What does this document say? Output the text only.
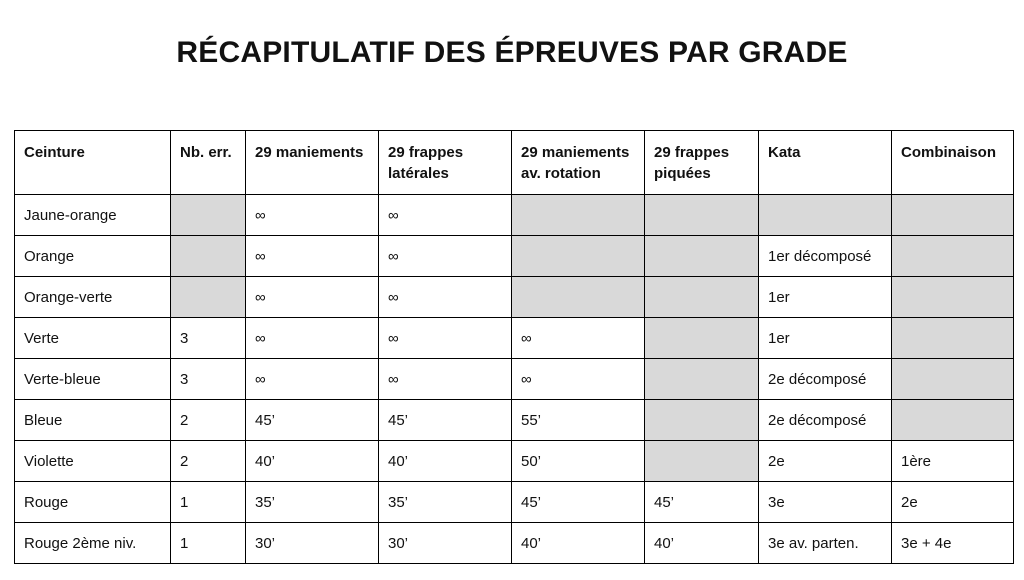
RÉCAPITULATIF DES ÉPREUVES PAR GRADE
Ceinture	Nb. err.	29 maniements	29 frappes latérales	29 maniements av. rotation	29 frappes piquées	Kata	Combinaison
Jaune-orange		∞	∞				
Orange		∞	∞			1er décomposé	
Orange-verte		∞	∞			1er	
Verte	3	∞	∞	∞		1er	
Verte-bleue	3	∞	∞	∞		2e décomposé	
Bleue	2	45’	45’	55’		2e décomposé	
Violette	2	40’	40’	50’		2e	1ère
Rouge	1	35’	35’	45’	45’	3e	2e
Rouge 2ème niv.	1	30’	30’	40’	40’	3e av. parten.	3e + 4e
